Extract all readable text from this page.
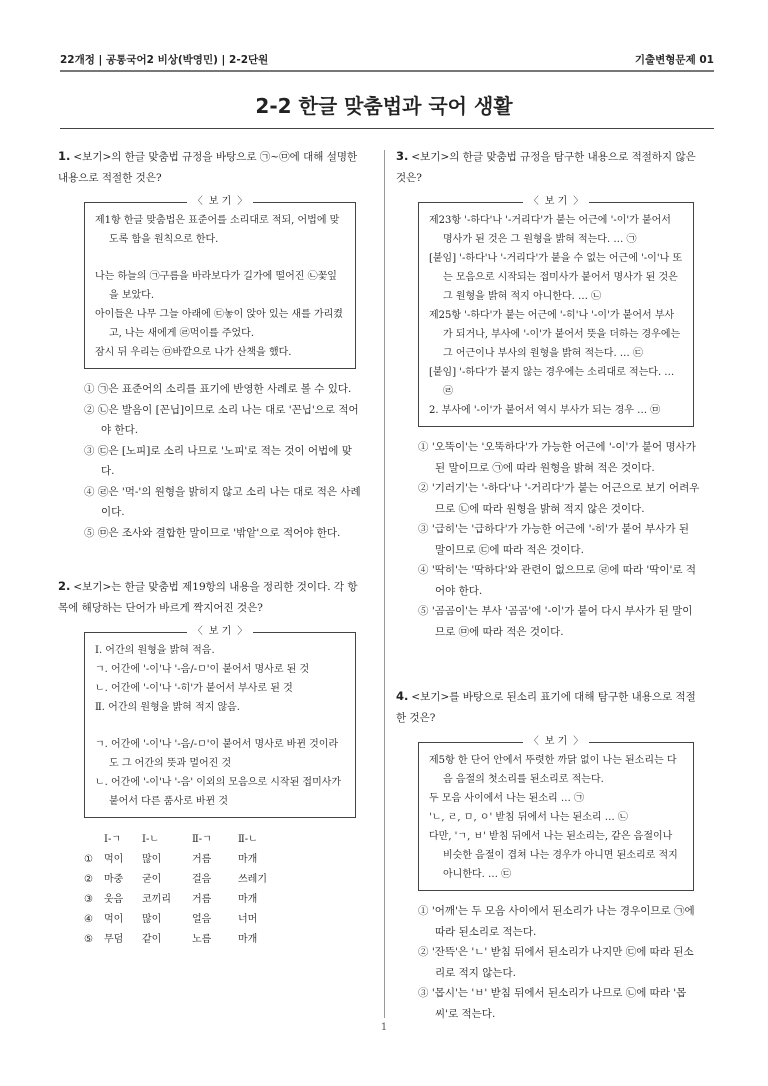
22개정 | 공통국어2 비상(박영민) | 2-2단원	기출변형문제 01
2-2 한글 맞춤법과 국어 생활
1. <보기>의 한글 맞춤법 규정을 바탕으로 ㉠~㉤에 대해 설명한 내용으로 적절한 것은?
〈 보 기 〉
제1항 한글 맞춤법은 표준어를 소리대로 적되, 어법에 맞도록 함을 원칙으로 한다.
나는 하늘의 ㉠구름을 바라보다가 길가에 떨어진 ㉡꽃잎을 보았다.
아이들은 나무 그늘 아래에 ㉢놓이 앉아 있는 새를 가리켰고, 나는 새에게 ㉣먹이를 주었다.
잠시 뒤 우리는 ㉤바깥으로 나가 산책을 했다.
① ㉠은 표준어의 소리를 표기에 반영한 사례로 볼 수 있다.
② ㉡은 발음이 [꼰닙]이므로 소리 나는 대로 '꼰닙'으로 적어야 한다.
③ ㉢은 [노피]로 소리 나므로 '노피'로 적는 것이 어법에 맞다.
④ ㉣은 '먹-'의 원형을 밝히지 않고 소리 나는 대로 적은 사례이다.
⑤ ㉤은 조사와 결합한 말이므로 '밖앝'으로 적어야 한다.
2. <보기>는 한글 맞춤법 제19항의 내용을 정리한 것이다. 각 항목에 해당하는 단어가 바르게 짝지어진 것은?
〈 보 기 〉
Ⅰ. 어간의 원형을 밝혀 적음.
ㄱ. 어간에 '-이'나 '-음/-ㅁ'이 붙어서 명사로 된 것
ㄴ. 어간에 '-이'나 '-히'가 붙어서 부사로 된 것
Ⅱ. 어간의 원형을 밝혀 적지 않음.
ㄱ. 어간에 '-이'나 '-음/-ㅁ'이 붙어서 명사로 바뀐 것이라도 그 어간의 뜻과 멀어진 것
ㄴ. 어간에 '-이'나 '-음' 이외의 모음으로 시작된 접미사가 붙어서 다른 품사로 바뀐 것
	Ⅰ-ㄱ	Ⅰ-ㄴ	Ⅱ-ㄱ	Ⅱ-ㄴ
①	먹이	많이	거름	마개
②	마중	굳이	걸음	쓰레기
③	웃음	코끼리	거름	마개
④	먹이	많이	얼음	너머
⑤	무덤	같이	노름	마개
3. <보기>의 한글 맞춤법 규정을 탐구한 내용으로 적절하지 않은 것은?
〈 보 기 〉
제23항 '-하다'나 '-거리다'가 붙는 어근에 '-이'가 붙어서 명사가 된 것은 그 원형을 밝혀 적는다. … ㉠
[붙임] '-하다'나 '-거리다'가 붙을 수 없는 어근에 '-이'나 또는 모음으로 시작되는 접미사가 붙어서 명사가 된 것은 그 원형을 밝혀 적지 아니한다. … ㉡
제25항 '-하다'가 붙는 어근에 '-히'나 '-이'가 붙어서 부사가 되거나, 부사에 '-이'가 붙어서 뜻을 더하는 경우에는 그 어근이나 부사의 원형을 밝혀 적는다. … ㉢
[붙임] '-하다'가 붙지 않는 경우에는 소리대로 적는다. … ㉣
2. 부사에 '-이'가 붙어서 역시 부사가 되는 경우 … ㉤
① '오뚝이'는 '오뚝하다'가 가능한 어근에 '-이'가 붙어 명사가 된 말이므로 ㉠에 따라 원형을 밝혀 적은 것이다.
② '기러기'는 '-하다'나 '-거리다'가 붙는 어근으로 보기 어려우므로 ㉡에 따라 원형을 밝혀 적지 않은 것이다.
③ '급히'는 '급하다'가 가능한 어근에 '-히'가 붙어 부사가 된 말이므로 ㉢에 따라 적은 것이다.
④ '딱히'는 '딱하다'와 관련이 없으므로 ㉣에 따라 '딱이'로 적어야 한다.
⑤ '곰곰이'는 부사 '곰곰'에 '-이'가 붙어 다시 부사가 된 말이므로 ㉤에 따라 적은 것이다.
4. <보기>를 바탕으로 된소리 표기에 대해 탐구한 내용으로 적절한 것은?
〈 보 기 〉
제5항 한 단어 안에서 뚜렷한 까닭 없이 나는 된소리는 다음 음절의 첫소리를 된소리로 적는다.
두 모음 사이에서 나는 된소리 … ㉠
'ㄴ, ㄹ, ㅁ, ㅇ' 받침 뒤에서 나는 된소리 … ㉡
다만, 'ㄱ, ㅂ' 받침 뒤에서 나는 된소리는, 같은 음절이나 비슷한 음절이 겹쳐 나는 경우가 아니면 된소리로 적지 아니한다. … ㉢
① '어깨'는 두 모음 사이에서 된소리가 나는 경우이므로 ㉠에 따라 된소리로 적는다.
② '잔뜩'은 'ㄴ' 받침 뒤에서 된소리가 나지만 ㉢에 따라 된소리로 적지 않는다.
③ '몹시'는 'ㅂ' 받침 뒤에서 된소리가 나므로 ㉡에 따라 '몹씨'로 적는다.
1
